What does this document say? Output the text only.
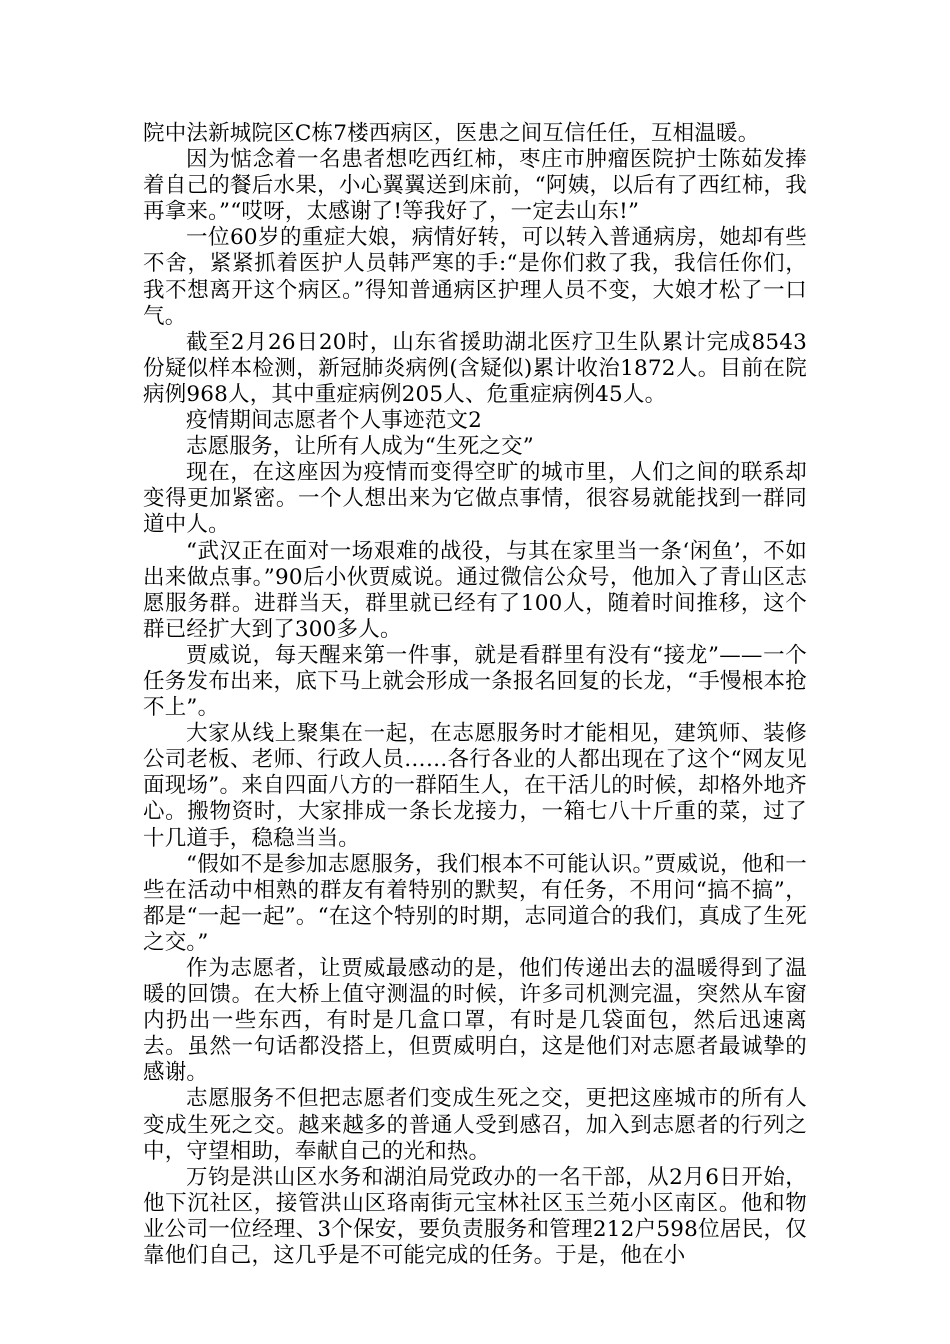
院中法新城院区C栋7楼西病区，医患之间互信任任，互相温暖。

因为惦念着一名患者想吃西红柿，枣庄市肿瘤医院护士陈茹发捧着自己的餐后水果，小心翼翼送到床前，“阿姨，以后有了西红柿，我再拿来。”“哎呀，太感谢了!等我好了，一定去山东!”

一位60岁的重症大娘，病情好转，可以转入普通病房，她却有些不舍，紧紧抓着医护人员韩严寒的手:“是你们救了我，我信任你们，我不想离开这个病区。”得知普通病区护理人员不变，大娘才松了一口气。

截至2月26日20时，山东省援助湖北医疗卫生队累计完成8543份疑似样本检测，新冠肺炎病例(含疑似)累计收治1872人。目前在院病例968人，其中重症病例205人、危重症病例45人。

疫情期间志愿者个人事迹范文2

志愿服务，让所有人成为“生死之交”

现在，在这座因为疫情而变得空旷的城市里，人们之间的联系却变得更加紧密。一个人想出来为它做点事情，很容易就能找到一群同道中人。

“武汉正在面对一场艰难的战役，与其在家里当一条‘闲鱼’，不如出来做点事。”90后小伙贾威说。通过微信公众号，他加入了青山区志愿服务群。进群当天，群里就已经有了100人，随着时间推移，这个群已经扩大到了300多人。

贾威说，每天醒来第一件事，就是看群里有没有“接龙”——一个任务发布出来，底下马上就会形成一条报名回复的长龙，“手慢根本抢不上”。

大家从线上聚集在一起，在志愿服务时才能相见，建筑师、装修公司老板、老师、行政人员……各行各业的人都出现在了这个“网友见面现场”。来自四面八方的一群陌生人，在干活儿的时候，却格外地齐心。搬物资时，大家排成一条长龙接力，一箱七八十斤重的菜，过了十几道手，稳稳当当。

“假如不是参加志愿服务，我们根本不可能认识。”贾威说，他和一些在活动中相熟的群友有着特别的默契，有任务，不用问“搞不搞”，都是“一起一起”。“在这个特别的时期，志同道合的我们，真成了生死之交。”

作为志愿者，让贾威最感动的是，他们传递出去的温暖得到了温暖的回馈。在大桥上值守测温的时候，许多司机测完温，突然从车窗内扔出一些东西，有时是几盒口罩，有时是几袋面包，然后迅速离去。虽然一句话都没搭上，但贾威明白，这是他们对志愿者最诚挚的感谢。

志愿服务不但把志愿者们变成生死之交，更把这座城市的所有人变成生死之交。越来越多的普通人受到感召，加入到志愿者的行列之中，守望相助，奉献自己的光和热。

万钧是洪山区水务和湖泊局党政办的一名干部，从2月6日开始，他下沉社区，接管洪山区珞南街元宝林社区玉兰苑小区南区。他和物业公司一位经理、3个保安，要负责服务和管理212户598位居民，仅靠他们自己，这几乎是不可能完成的任务。于是，他在小
